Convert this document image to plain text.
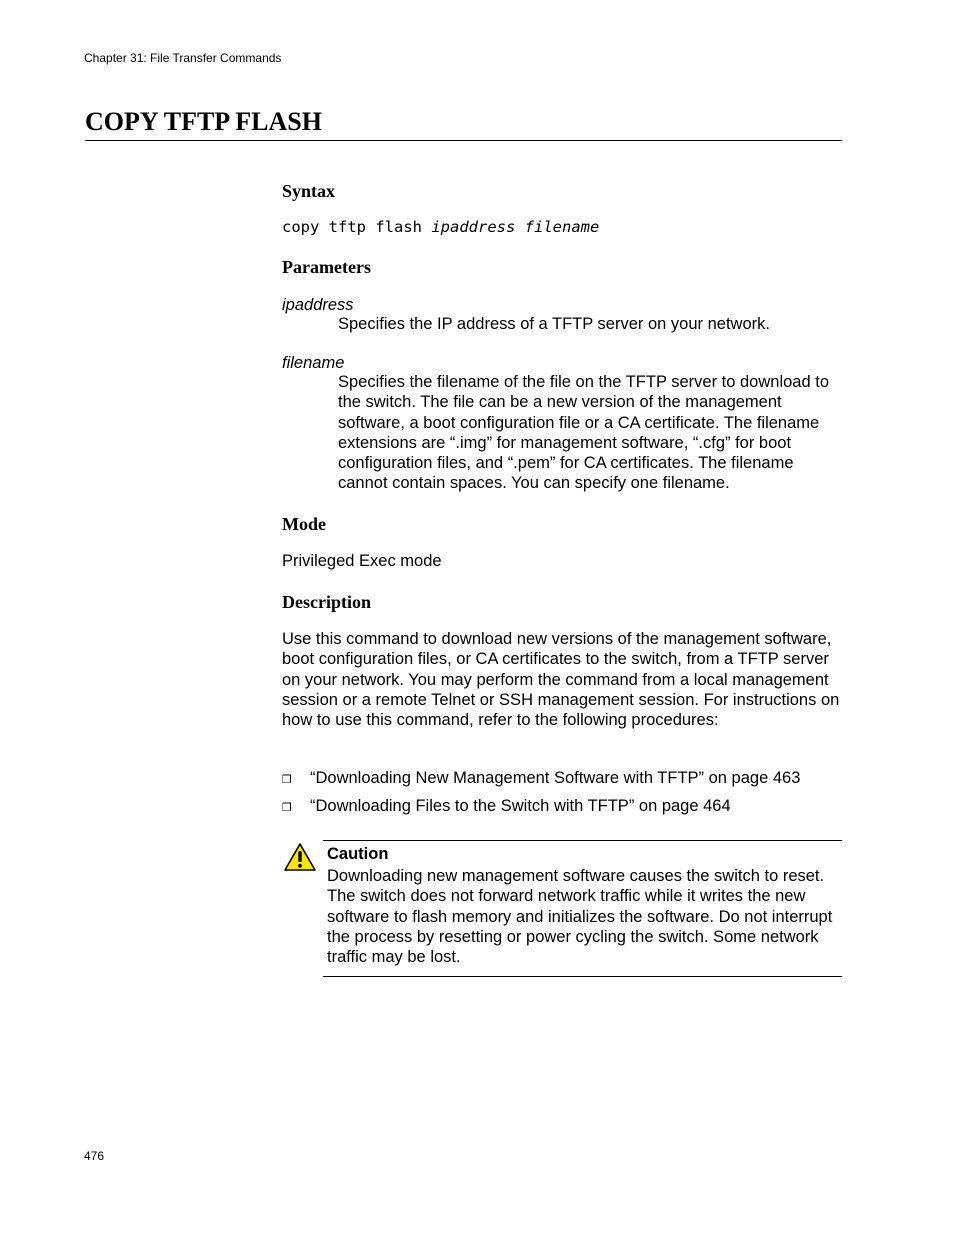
Chapter 31: File Transfer Commands
COPY TFTP FLASH
Syntax
copy tftp flash ipaddress filename
Parameters
ipaddress
Specifies the IP address of a TFTP server on your network.
filename
Specifies the filename of the file on the TFTP server to download to the switch. The file can be a new version of the management software, a boot configuration file or a CA certificate. The filename extensions are “.img” for management software, “.cfg” for boot configuration files, and “.pem” for CA certificates. The filename cannot contain spaces. You can specify one filename.
Mode
Privileged Exec mode
Description
Use this command to download new versions of the management software, boot configuration files, or CA certificates to the switch, from a TFTP server on your network. You may perform the command from a local management session or a remote Telnet or SSH management session. For instructions on how to use this command, refer to the following procedures:
❐	“Downloading New Management Software with TFTP” on page 463
❐	“Downloading Files to the Switch with TFTP” on page 464
Caution
Downloading new management software causes the switch to reset. The switch does not forward network traffic while it writes the new software to flash memory and initializes the software. Do not interrupt the process by resetting or power cycling the switch. Some network traffic may be lost.
476
